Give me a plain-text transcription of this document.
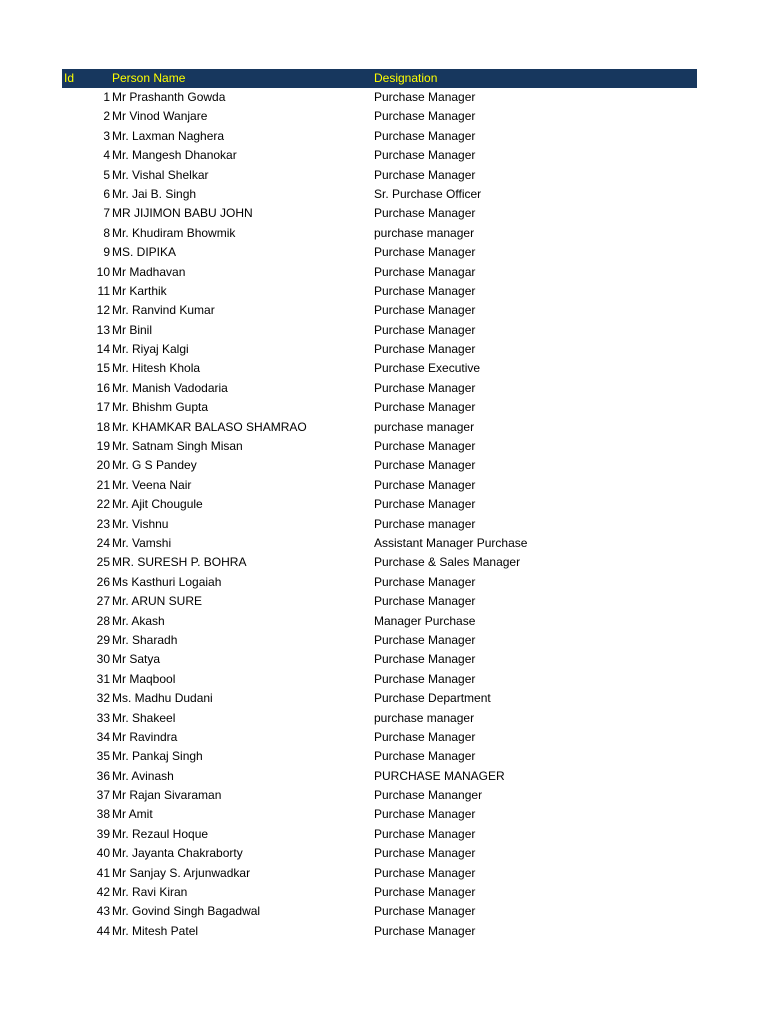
Id	Person Name	Designation
1 Mr Prashanth Gowda	Purchase Manager
2 Mr Vinod Wanjare	Purchase Manager
3 Mr. Laxman Naghera	Purchase Manager
4 Mr. Mangesh Dhanokar	Purchase Manager
5 Mr. Vishal Shelkar	Purchase Manager
6 Mr. Jai B. Singh	Sr. Purchase Officer
7 MR JIJIMON BABU JOHN	Purchase Manager
8 Mr. Khudiram Bhowmik	purchase manager
9 MS. DIPIKA	Purchase Manager
10 Mr Madhavan	Purchase Managar
11 Mr Karthik	Purchase Manager
12 Mr. Ranvind Kumar	Purchase Manager
13 Mr Binil	Purchase Manager
14 Mr. Riyaj Kalgi	Purchase Manager
15 Mr. Hitesh Khola	Purchase Executive
16 Mr. Manish Vadodaria	Purchase Manager
17 Mr. Bhishm Gupta	Purchase Manager
18 Mr. KHAMKAR BALASO SHAMRAO	purchase manager
19 Mr. Satnam Singh Misan	Purchase Manager
20 Mr. G S Pandey	Purchase Manager
21 Mr. Veena Nair	Purchase Manager
22 Mr. Ajit Chougule	Purchase Manager
23 Mr. Vishnu	Purchase manager
24 Mr. Vamshi	Assistant Manager Purchase
25 MR. SURESH P. BOHRA	Purchase & Sales Manager
26 Ms Kasthuri Logaiah	Purchase Manager
27 Mr. ARUN SURE	Purchase Manager
28 Mr. Akash	Manager Purchase
29 Mr. Sharadh	Purchase Manager
30 Mr Satya	Purchase Manager
31 Mr Maqbool	Purchase Manager
32 Ms. Madhu Dudani	Purchase Department
33 Mr. Shakeel	purchase manager
34 Mr Ravindra	Purchase Manager
35 Mr. Pankaj Singh	Purchase Manager
36 Mr. Avinash	PURCHASE MANAGER
37 Mr Rajan Sivaraman	Purchase Mananger
38 Mr Amit	Purchase Manager
39 Mr. Rezaul Hoque	Purchase Manager
40 Mr. Jayanta Chakraborty	Purchase Manager
41 Mr Sanjay S. Arjunwadkar	Purchase Manager
42 Mr. Ravi Kiran	Purchase Manager
43 Mr. Govind Singh Bagadwal	Purchase Manager
44 Mr. Mitesh Patel	Purchase Manager
